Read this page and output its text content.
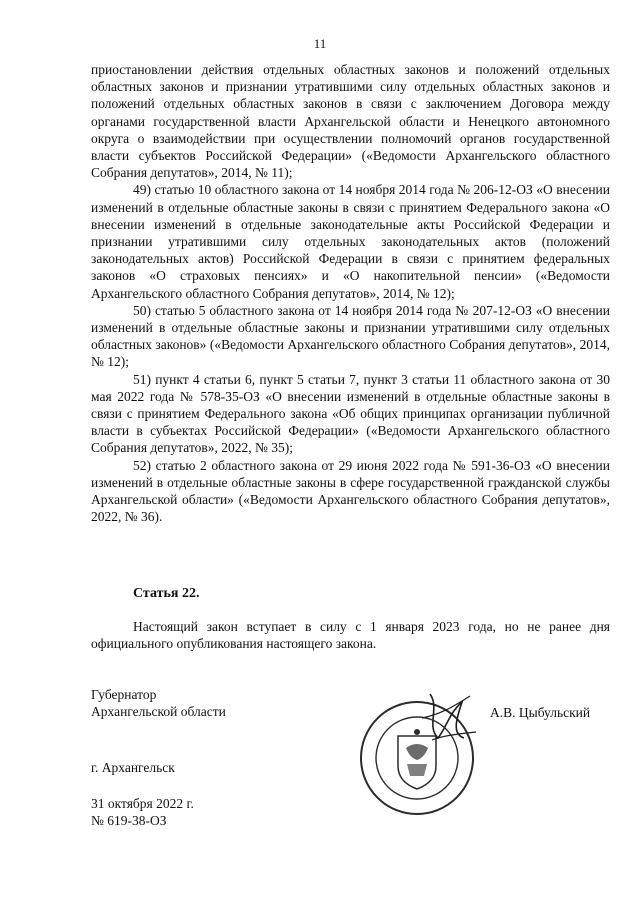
11

приостановлении действия отдельных областных законов и положений отдельных областных законов и признании утратившими силу отдельных областных законов и положений отдельных областных законов в связи с заключением Договора между органами государственной власти Архангельской области и Ненецкого автономного округа о взаимодействии при осуществлении полномочий органов государственной власти субъектов Российской Федерации» («Ведомости Архангельского областного Собрания депутатов», 2014, № 11);

49) статью 10 областного закона от 14 ноября 2014 года № 206-12-ОЗ «О внесении изменений в отдельные областные законы в связи с принятием Федерального закона «О внесении изменений в отдельные законодательные акты Российской Федерации и признании утратившими силу отдельных законодательных актов (положений законодательных актов) Российской Федерации в связи с принятием федеральных законов «О страховых пенсиях» и «О накопительной пенсии» («Ведомости Архангельского областного Собрания депутатов», 2014, № 12);

50) статью 5 областного закона от 14 ноября 2014 года № 207-12-ОЗ «О внесении изменений в отдельные областные законы и признании утратившими силу отдельных областных законов» («Ведомости Архангельского областного Собрания депутатов», 2014, № 12);

51) пункт 4 статьи 6, пункт 5 статьи 7, пункт 3 статьи 11 областного закона от 30 мая 2022 года № 578-35-ОЗ «О внесении изменений в отдельные областные законы в связи с принятием Федерального закона «Об общих принципах организации публичной власти в субъектах Российской Федерации» («Ведомости Архангельского областного Собрания депутатов», 2022, № 35);

52) статью 2 областного закона от 29 июня 2022 года № 591-36-ОЗ «О внесении изменений в отдельные областные законы в сфере государственной гражданской службы Архангельской области» («Ведомости Архангельского областного Собрания депутатов», 2022, № 36).

Статья 22.

Настоящий закон вступает в силу с 1 января 2023 года, но не ранее дня официального опубликования настоящего закона.

Губернатор
Архангельской области	А.В. Цыбульский
г. Архангельск
31 октября 2022 г.
№ 619-38-ОЗ
